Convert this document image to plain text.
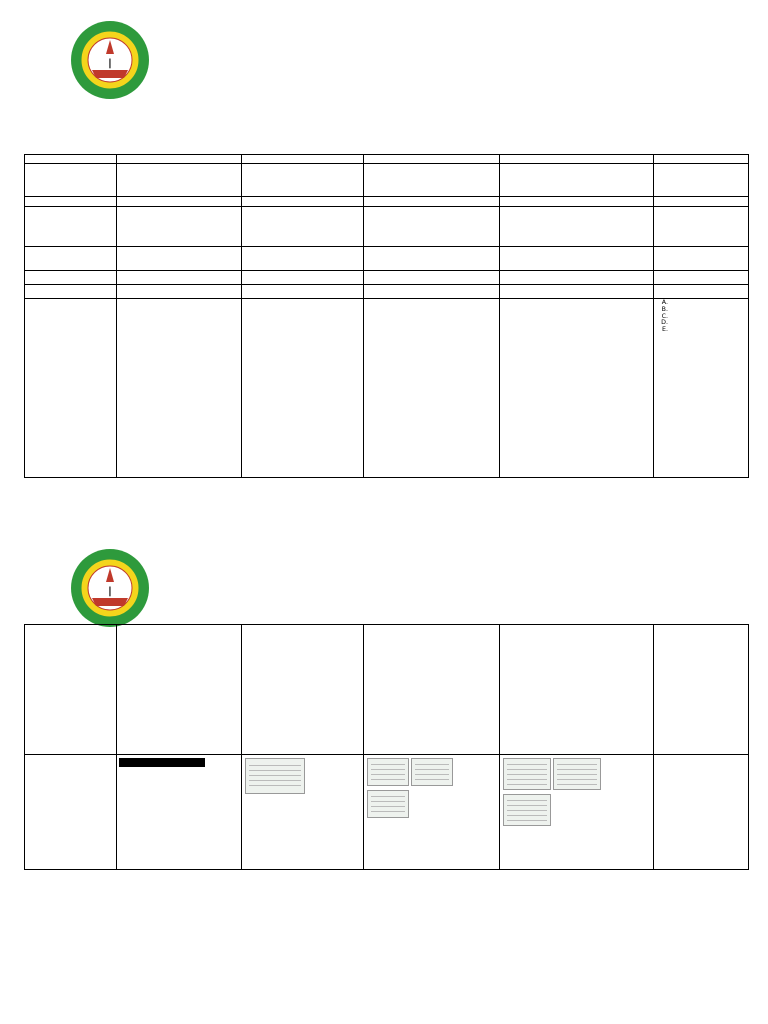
|

A.
B.
C.
D.
E.
|
